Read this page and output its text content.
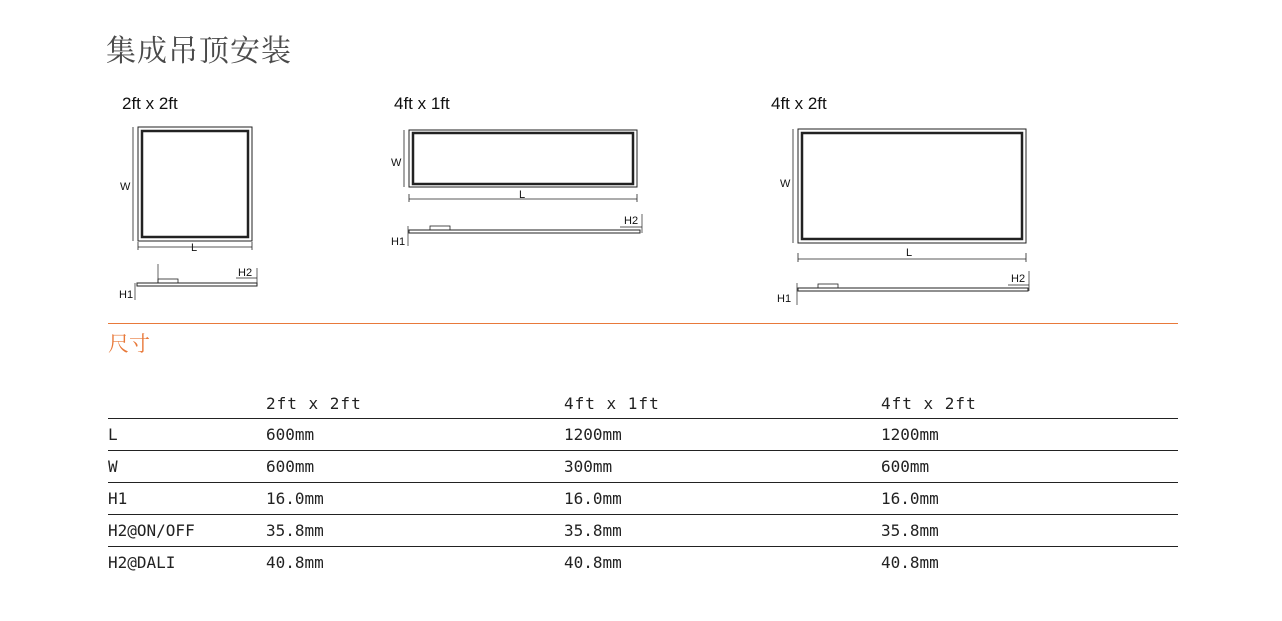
集成吊顶安装
2ft x 2ft	4ft x 1ft	4ft x 2ft
W
L
H1
H2
W
L
H1
H2
W
L
H1
H2
尺寸
	2ft x 2ft	4ft x 1ft	4ft x 2ft
L	600mm	1200mm	1200mm
W	600mm	300mm	600mm
H1	16.0mm	16.0mm	16.0mm
H2@ON/OFF	35.8mm	35.8mm	35.8mm
H2@DALI	40.8mm	40.8mm	40.8mm
